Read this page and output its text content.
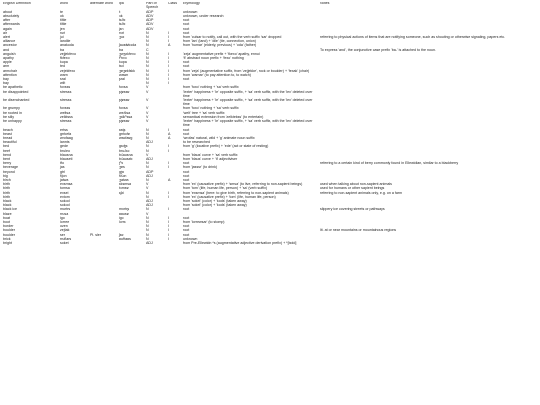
English Definition	word	alternate word	ipa	Part of Speech	Class	Etymology	Notes
about	te		tː	ADP		unknown	
absolutely	ok		ɔk	ADV		unknown, under research	
after	tiltie		tɪʎtɪ	ADP		root	
afterwards	tiltie		tɪʎtɪ	ADV		root	
again	jen		jɛn	ADV		root	
air	ruri		rʊri	N	I	root	
alert	jui		ʒuɪ	N	I	from 'culsar to notify, call out, with the verb suffix 'sar' dropped	referring to physical actions of items that are notifying someone, such as shouting or otherwise signaling, papers etc.
alliance	landile			N	I	from 'lan' (land) + 'dile' (tie, connection, union)	
ancestor	anakoda		ʃauʁlɐkɔda	N	A	from 'humar' (elderly, previous) + 'oda' (father)	
and	ba		ba	C			To express 'and', the conjunctive case prefix 'ba-' is attached to the noun.
anguish	zejjekfexo		ʒwʒɛkfexɔ	N	I	'zeja' augmentative prefix + 'fkexo' apathy, ennui	
apathy	fkfexo		fʰɛxɔ	N	I	'fi' abstract noun prefix + 'fexo' nothing	
apple	kupa		kupa	N	I	root	
arm	ted		tɛd	N	I	root	
armchair	zejekfexo		ʒɐʒɐkfɛkk	N	I	from 'zeja' (augmentative suffix, from 'zejjekke', rock or boulder) + 'fexak' (chair)	
attention	warn		wawn	N	I	from 'warnar' (to pay attention to, to watch)	
bay	sral		ʂral	N	I	root	
bay	wilt			N	I		
be apathetic	foxsss		foxsa	V		from 'foxo' nothing + 'sa' verb suffix	
be disappointed	stresss		ʂʈɐssɐ	V		'lexter' happiness + 'le' opposite suffix, + 'sa' verb suffix, with the 'lex' deleted over time	
be disenchanted	stresss		ʂʈɐssɐ	V		'lexter' happiness + 'le' opposite suffix, + 'sa' verb suffix, with the 'lex' deleted over time	
be grumpy	foxsss		foxsa	V		from 'foxo' nothing + 'sa' verb suffix	
be rooted in	weltsa		weʎtsa	V		'welt' tree + 'sa' verb suffix	
be silly	zelktsss		ʒɛlkʰssa	V		semantical extension from 'zelktekss' (to entertain)	
be unhappy	stresss		ʂʈɐssɐ	V		'lexter' happiness + 'le' opposite suffix, + 'sa' verb suffix, with the 'lex' deleted over time	
beach	ertss		ɛʁtʂ	N	I	root	
beast	grrkefa		grrkɛfɐ	N	A	root	
bread	wrofaag		wʁɔfaɐɡ	N	A	'wrofas' natural, wild + 'g' animate noun suffix	
beautiful	lannts			ADJ		to be researched	
bed	gede		gɛʤɛ	N	I	from 'g' (locative prefix) + 'ede' (act or state of resting)	
beef	bruleo		bruʎɛɔ	N	I		
bend	blausna		bʎausna	V		from 'blaus' curve + 'sa' verb suffix	
bent	blauseti		bʎausɛtɪ	ADJ		from 'blaus' curve + 'ti' adjectiviser	
berry	tfo		ʈʰɔ	N	I	root	referring to a certain kind of berry commonly found in Ellewidian, similar to a blackberry
beverage	jas		ʒɐs	N	I	from 'jasssr' (to drink)	
beyond	gtrl		ɡʈʁ	ADP		root	
big	fijon		fiʎɔn	ADJ		root	
birch	jatwa		ʒatwa	N	A	root	
birth	exsmsa		ɛksmsa	V		from 'ex' (causative prefix) + 'smsa' (to live, referring to non-sapient beings)	used when talking about non-sapient animals
birth	tomsa		tɔmsɐ	V		from 'tom' (life, human life, person) + 'sa' (verb suffix)	used for humans or other sapient beings
birth	exsei		ɛʃɛi	N	I	from 'exsmsa' (here: to give birth, referring to non-sapient animals)	referring to non-sapient animals only, e.g. on a farm
birth	extom			N	I	from 'ex' (causative prefix) + 'tom' (life, human life, person)	
black	sokod			ADJ		from 'sokel' (color) + 'kods' (taken away)	
black	sokod			ADJ		from 'sokel' (color) + 'kods' (taken away)	
black ice	murtrs		mʊrtrʂ	N	I	root	slippery ice covering streets or pathways
blaze	rrusa		ʀʀusɐ	V			
boat	igo		iɡɔ	N	I	root	
boot	lorree		lɔrrɛ	N	I	from 'lorrewsar' (to stomp)	
border	ozen			N	I	root	
boulder	zejtak			N	I	root	lit. at or near mountains or mountainous regions
boulder	ser	Pl. sler	ʃɛʀ	N	I	root	
brick	rruflars		ʀufɫaʁs	N	I	unknown	
bright	soket			ADJ		from Pre-Ellewidn *s (augmentative adjective derivation prefix) + *[bold]	
